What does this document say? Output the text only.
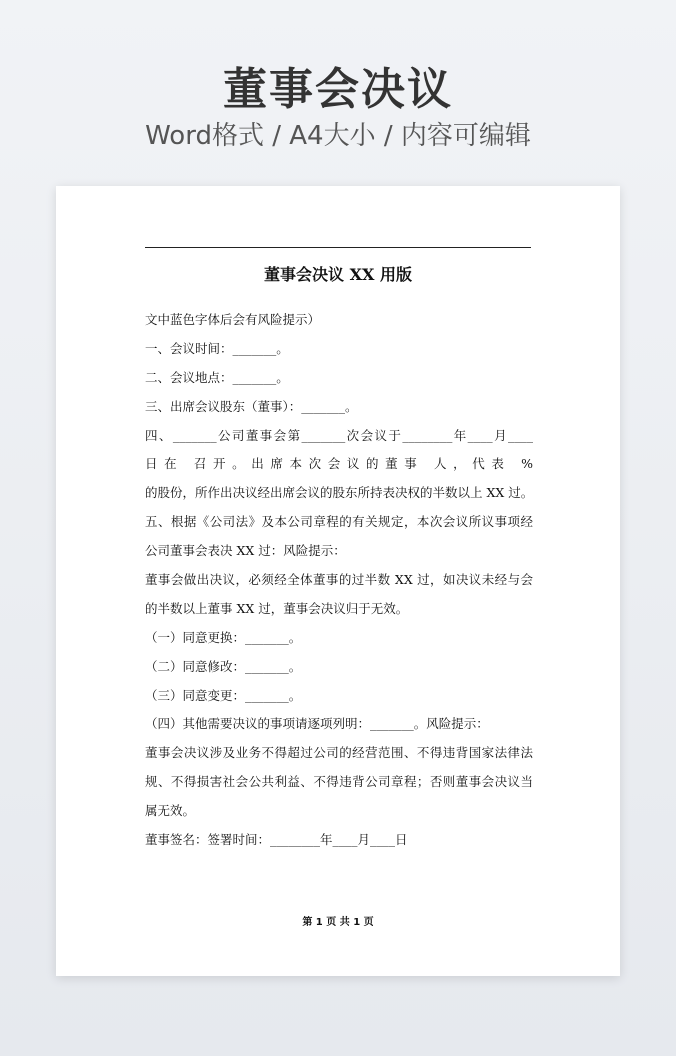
董事会决议
Word格式 / A4大小 / 内容可编辑
董事会决议 XX 用版
文中蓝色字体后会有风险提示）
一、会议时间：_______。
二、会议地点：_______。
三、出席会议股东（董事）：_______。
四、_______公司董事会第_______次会议于________年____月____
日在 召开。出席本次会议的董事 人，代表 %
的股份，所作出决议经出席会议的股东所持表决权的半数以上 XX 过。
五、根据《公司法》及本公司章程的有关规定，本次会议所议事项经
公司董事会表决 XX 过：风险提示：
董事会做出决议，必须经全体董事的过半数 XX 过，如决议未经与会
的半数以上董事 XX 过，董事会决议归于无效。
（一）同意更换：_______。
（二）同意修改：_______。
（三）同意变更：_______。
（四）其他需要决议的事项请逐项列明：_______。风险提示：
董事会决议涉及业务不得超过公司的经营范围、不得违背国家法律法
规、不得损害社会公共利益、不得违背公司章程；否则董事会决议当
属无效。
董事签名：签署时间：________年____月____日
第 1 页 共 1 页
